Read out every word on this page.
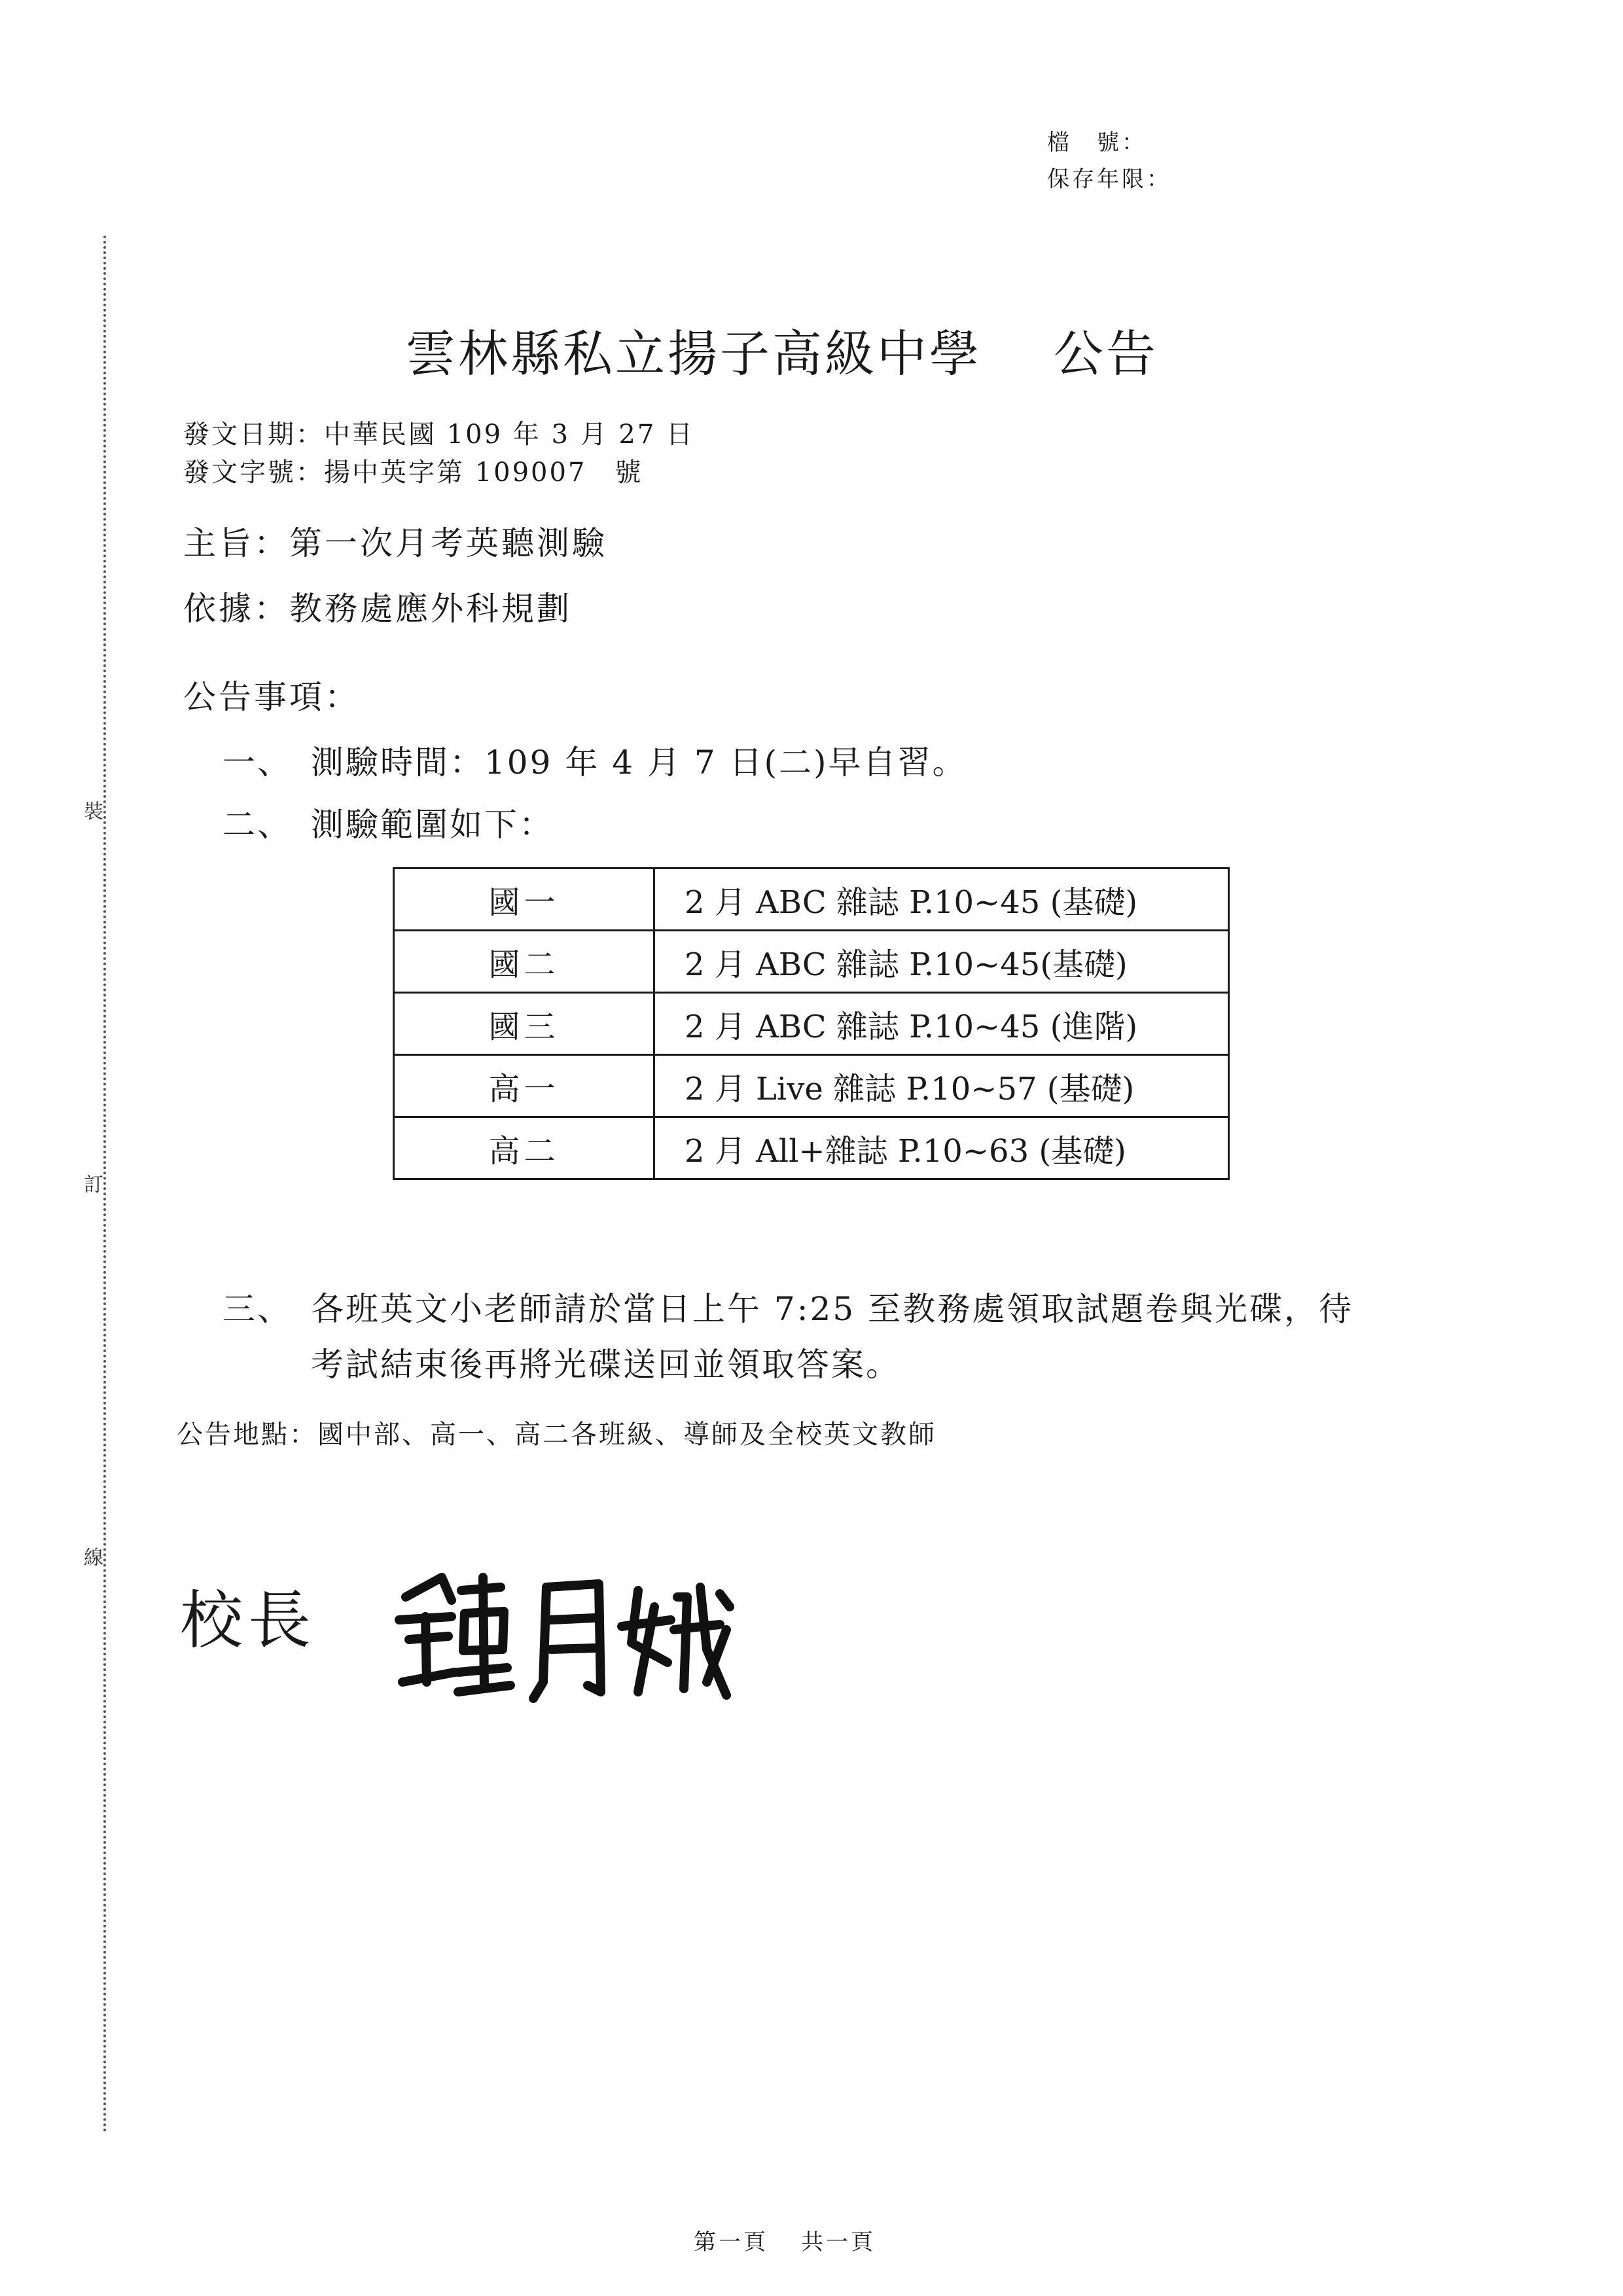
檔　號：
保存年限：
裝
訂
線
雲林縣私立揚子高級中學 公告
發文日期：中華民國 109 年 3 月 27 日
發文字號：揚中英字第 109007　號
主旨：第一次月考英聽測驗
依據：教務處應外科規劃
公告事項：
一、 測驗時間：109 年 4 月 7 日(二)早自習。
二、 測驗範圍如下：
國一	2 月 ABC 雜誌 P.10~45 (基礎)
國二	2 月 ABC 雜誌 P.10~45(基礎)
國三	2 月 ABC 雜誌 P.10~45 (進階)
高一	2 月 Live 雜誌 P.10~57 (基礎)
高二	2 月 All+雜誌 P.10~63 (基礎)
三、 各班英文小老師請於當日上午 7:25 至教務處領取試題卷與光碟，待
考試結束後再將光碟送回並領取答案。
公告地點：國中部、高一、高二各班級、導師及全校英文教師
校長
第一頁 共一頁
